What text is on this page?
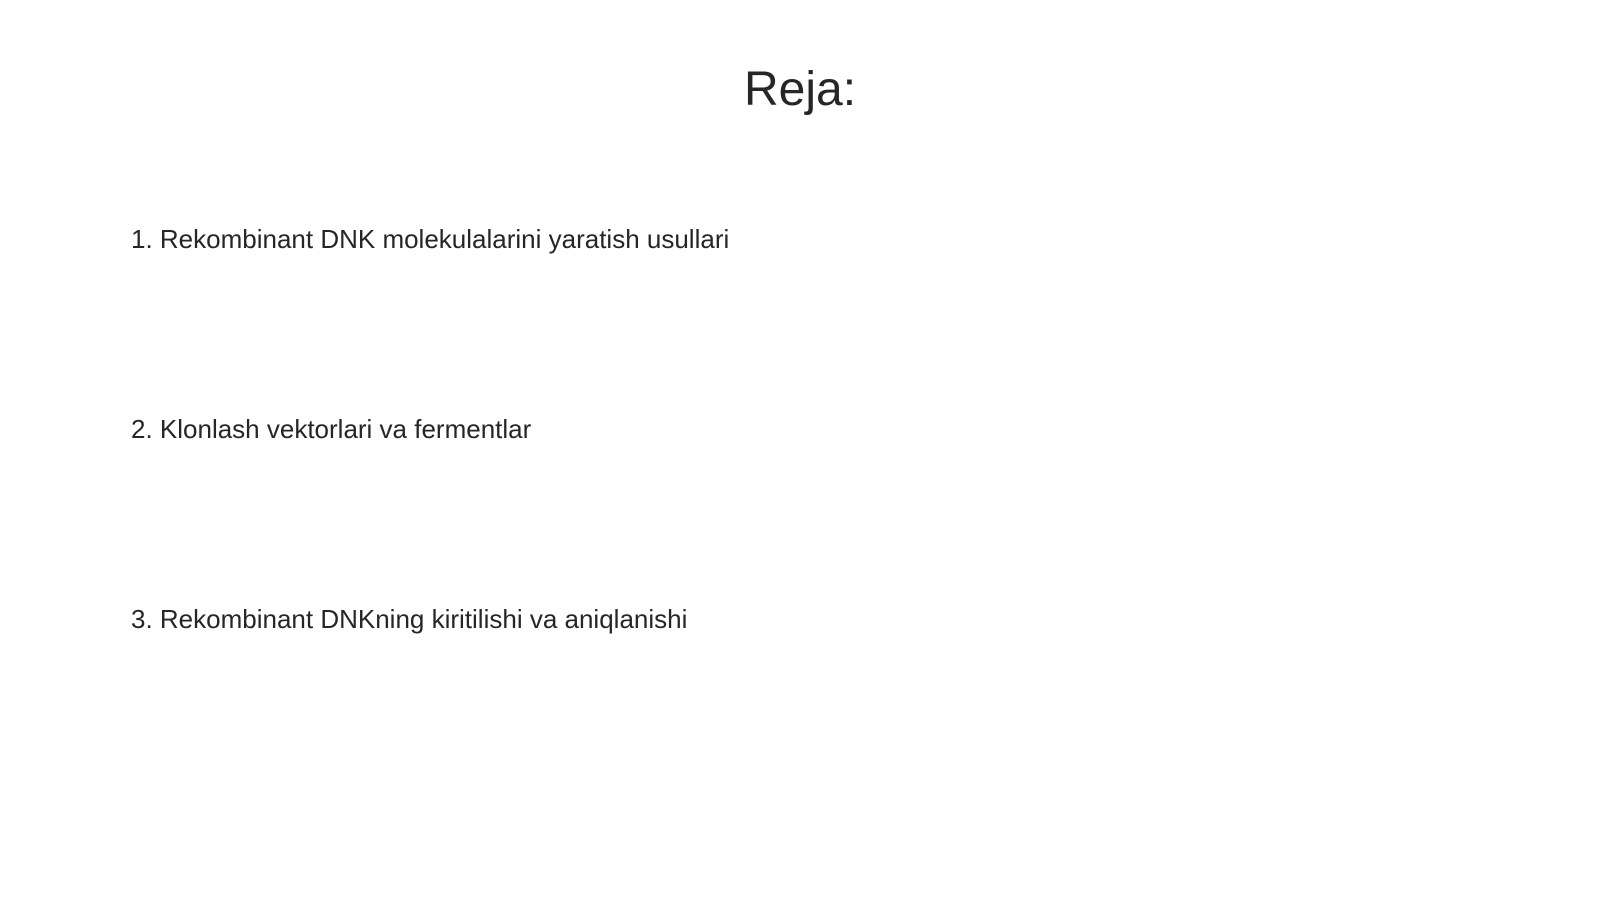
Reja:
1. Rekombinant DNK molekulalarini yaratish usullari
2. Klonlash vektorlari va fermentlar
3. Rekombinant DNKning kiritilishi va aniqlanishi
